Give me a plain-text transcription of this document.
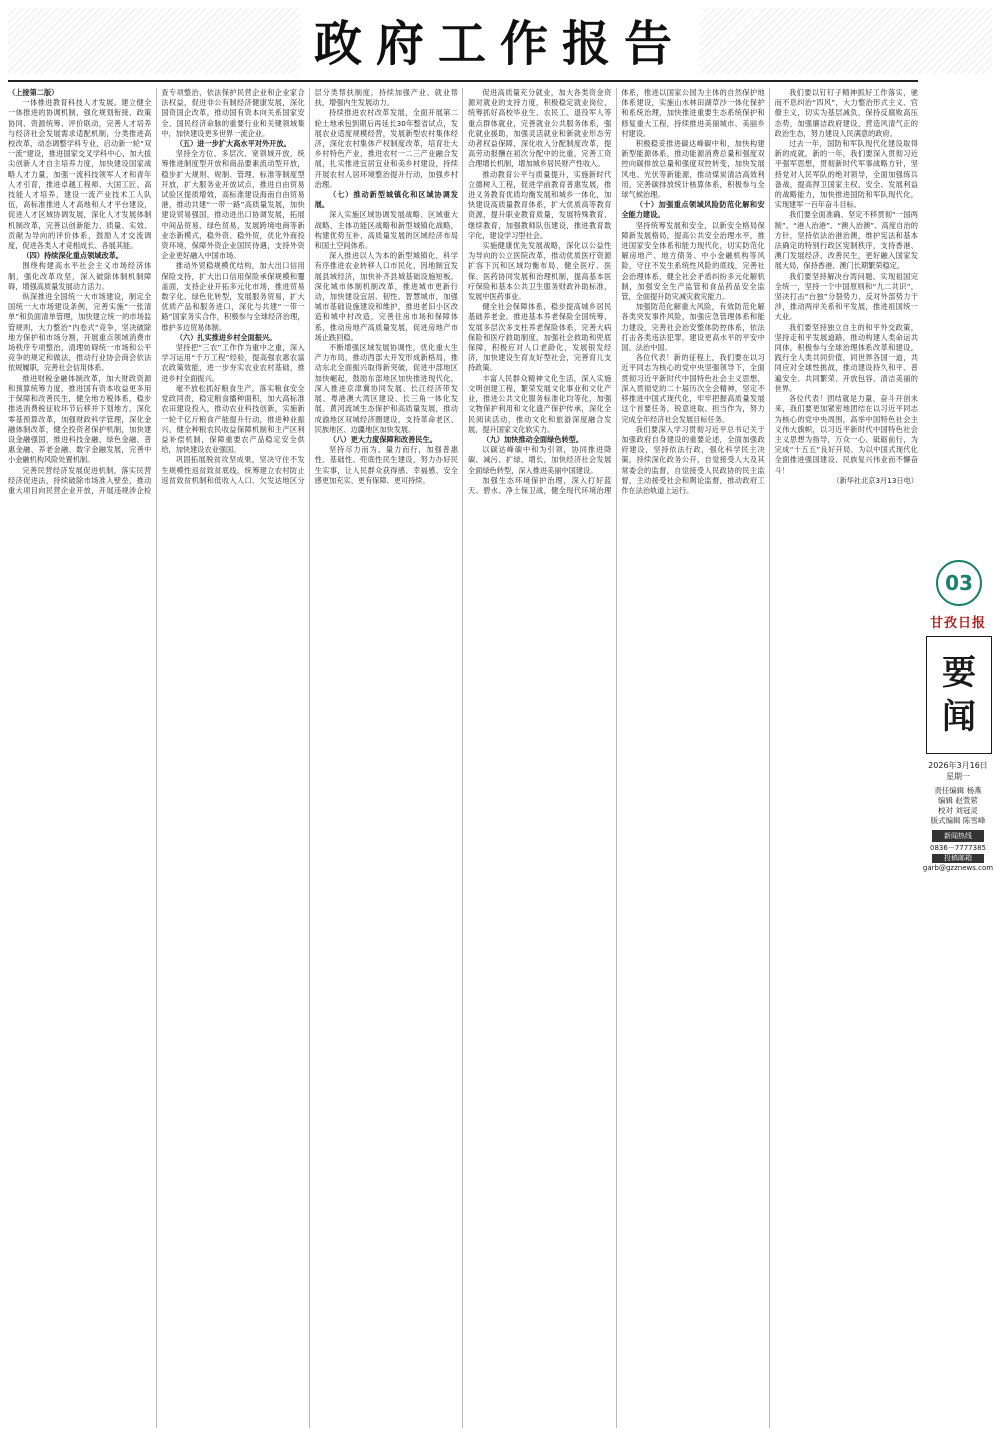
政府工作报告

（上接第二版）

一体推进教育科技人才发展。建立健全一体推进的协调机制，强化规划衔接、政策协同、资源统筹、评价联动，完善人才培养与经济社会发展需求适配机制，分类推进高校改革，动态调整学科专业，启动新一轮“双一流”建设，推进国家交叉学科中心，加大拔尖创新人才自主培养力度，加快建设国家战略人才力量，加强一流科技领军人才和青年人才引育，推进卓越工程师、大国工匠、高技能人才培养，建设一流产业技术工人队伍，高标准推进人才高地和人才平台建设，促进人才区域协调发展，深化人才发展体制机制改革，完善以创新能力、质量、实效、贡献为导向的评价体系，鼓励人才交流调度，促进各类人才竞相成长、各展其能。

（四）持续深化重点领域改革。

围绕构建高水平社会主义市场经济体制，强化改革攻坚，深入破除体制机制障碍，增强高质量发展动力活力。

纵深推进全国统一大市场建设，制定全国统一大市场建设条例，完善实施“一张清单”和负面清单管理，加快建立统一的市场监管规则，大力整治“内卷式”竞争，坚决破除地方保护和市场分割，开展重点领域消费市场秩序专项整治，清理妨碍统一市场和公平竞争的规定和做法，推动行业协会商会依法依规履职，完善社会信用体系。

推进财税金融体制改革，加大财政资源和预算统筹力度，推进国有资本收益更多用于保障和改善民生，健全地方税体系，稳步推进消费税征收环节后移并下划地方，深化零基预算改革，加强财政科学管理，深化金融体制改革，健全投资者保护机制，加快建设金融强国，推进科技金融、绿色金融、普惠金融、养老金融、数字金融发展，完善中小金融机构风险处置机制。

完善民营经济发展促进机制，落实民营经济促进法，持续破除市场准入壁垒，推动重大项目向民营企业开放，开展违规涉企检查专项整治，依法保护民营企业和企业家合法权益，促进非公有制经济健康发展，深化国资国企改革，推动国有资本向关系国家安全、国民经济命脉的重要行业和关键领域集中，加快建设更多世界一流企业。

（五）进一步扩大高水平对外开放。

坚持全方位、多层次、宽领域开放，统筹推进制度型开放和商品要素流动型开放，稳步扩大规则、规制、管理、标准等制度型开放，扩大服务业开放试点，推进自由贸易试验区提质增效，高标准建设海南自由贸易港，推动共建“一带一路”高质量发展，加快建设贸易强国，推动进出口协调发展，拓展中间品贸易、绿色贸易，发展跨境电商等新业态新模式，稳外资、稳外贸，优化外商投资环境，保障外资企业国民待遇，支持外资企业更好融入中国市场。

推动外贸稳规模优结构，加大出口信用保险支持，扩大出口信用保险承保规模和覆盖面，支持企业开拓多元化市场，推进贸易数字化、绿色化转型，发展服务贸易，扩大优质产品和服务进口，深化与共建“一带一路”国家务实合作，积极参与全球经济治理，维护多边贸易体制。

（六）扎实推进乡村全面振兴。

坚持把“三农”工作作为重中之重，深入学习运用“千万工程”经验，提高强农惠农富农政策效能，进一步夯实农业农村基础，推进乡村全面振兴。

毫不放松抓好粮食生产，落实粮食安全党政同责，稳定粮食播种面积，加大高标准农田建设投入，推动农业科技创新，实施新一轮千亿斤粮食产能提升行动，推进种业振兴，健全种粮农民收益保障机制和主产区利益补偿机制，保障重要农产品稳定安全供给，加快建设农业强国。

巩固拓展脱贫攻坚成果，坚决守住不发生规模性返贫致贫底线，统筹建立农村防止返贫致贫机制和低收入人口、欠发达地区分层分类帮扶制度，持续加强产业、就业帮扶，增强内生发展动力。

持续推进农村改革发展，全面开展第二轮土地承包到期后再延长30年整省试点，发展农业适度规模经营，发展新型农村集体经济，深化农村集体产权制度改革，培育壮大乡村特色产业，推进农村一二三产业融合发展，扎实推进宜居宜业和美乡村建设，持续开展农村人居环境整治提升行动，加强乡村治理。

（七）推动新型城镇化和区域协调发展。

深入实施区域协调发展战略、区域重大战略、主体功能区战略和新型城镇化战略，构建优势互补、高质量发展的区域经济布局和国土空间体系。

深入推进以人为本的新型城镇化，科学有序推进农业转移人口市民化，因地制宜发展县域经济，加快补齐县城基础设施短板，深化城市体制机制改革，推进城市更新行动，加快建设宜居、韧性、智慧城市，加强城市基础设施建设和维护，推进老旧小区改造和城中村改造，完善住房市场和保障体系，推动房地产高质量发展，促进房地产市场止跌回稳。

不断增强区域发展协调性，优化重大生产力布局，推动西部大开发形成新格局，推动东北全面振兴取得新突破，促进中部地区加快崛起，鼓励东部地区加快推进现代化，深入推进京津冀协同发展、长江经济带发展、粤港澳大湾区建设、长三角一体化发展、黄河流域生态保护和高质量发展，推动成渝地区双城经济圈建设，支持革命老区、民族地区、边疆地区加快发展。

（八）更大力度保障和改善民生。

坚持尽力而为、量力而行，加强普惠性、基础性、兜底性民生建设，努力办好民生实事，让人民群众获得感、幸福感、安全感更加充实、更有保障、更可持续。

促进高质量充分就业，加大各类资金资源对就业的支持力度，积极稳定就业岗位，统筹抓好高校毕业生、农民工、退役军人等重点群体就业，完善就业公共服务体系，强化就业援助，加强灵活就业和新就业形态劳动者权益保障，深化收入分配制度改革，提高劳动报酬在初次分配中的比重，完善工资合理增长机制，增加城乡居民财产性收入。

推动教育公平与质量提升，实施新时代立德树人工程，促进学前教育普惠发展，推进义务教育优质均衡发展和城乡一体化，加快建设高质量教育体系，扩大优质高等教育资源，提升职业教育质量，发展特殊教育、继续教育，加强教师队伍建设，推进教育数字化，建设学习型社会。

实施健康优先发展战略，深化以公益性为导向的公立医院改革，推动优质医疗资源扩容下沉和区域均衡布局，健全医疗、医保、医药协同发展和治理机制，提高基本医疗保险和基本公共卫生服务财政补助标准，发展中医药事业。

健全社会保障体系，稳步提高城乡居民基础养老金，推进基本养老保险全国统筹，发展多层次多支柱养老保险体系，完善大病保险和医疗救助制度，加强社会救助和兜底保障，积极应对人口老龄化，发展银发经济，加快建设生育友好型社会，完善育儿支持政策。

丰富人民群众精神文化生活，深入实施文明创建工程，繁荣发展文化事业和文化产业，推进公共文化服务标准化均等化，加强文物保护利用和文化遗产保护传承，深化全民阅读活动，推动文化和旅游深度融合发展，提升国家文化软实力。

（九）加快推动全面绿色转型。

以碳达峰碳中和为引领，协同推进降碳、减污、扩绿、增长，加快经济社会发展全面绿色转型，深入推进美丽中国建设。

加强生态环境保护治理，深入打好蓝天、碧水、净土保卫战，健全现代环境治理体系，推进以国家公园为主体的自然保护地体系建设，实施山水林田湖草沙一体化保护和系统治理，加快推进重要生态系统保护和修复重大工程，持续推进美丽城市、美丽乡村建设。

积极稳妥推进碳达峰碳中和，加快构建新型能源体系，推动能源消费总量和强度双控向碳排放总量和强度双控转变，加快发展风电、光伏等新能源，推动煤炭清洁高效利用，完善碳排放统计核算体系，积极参与全球气候治理。

（十）加强重点领域风险防范化解和安全能力建设。

坚持统筹发展和安全，以新安全格局保障新发展格局，提高公共安全治理水平，推进国家安全体系和能力现代化，切实防范化解房地产、地方债务、中小金融机构等风险，守住不发生系统性风险的底线，完善社会治理体系，健全社会矛盾纠纷多元化解机制，加强安全生产监管和食品药品安全监管，全面提升防灾减灾救灾能力。

加强防范化解重大风险，有效防范化解各类突发事件风险，加强应急管理体系和能力建设，完善社会治安整体防控体系，依法打击各类违法犯罪，建设更高水平的平安中国、法治中国。

各位代表！新的征程上，我们要在以习近平同志为核心的党中央坚强领导下，全面贯彻习近平新时代中国特色社会主义思想，深入贯彻党的二十届历次全会精神，坚定不移推进中国式现代化，牢牢把握高质量发展这个首要任务，锐意进取、担当作为，努力完成全年经济社会发展目标任务。

我们要深入学习贯彻习近平总书记关于加强政府自身建设的重要论述，全面加强政府建设，坚持依法行政，强化科学民主决策，持续深化政务公开，自觉接受人大及其常委会的监督，自觉接受人民政协的民主监督，主动接受社会和舆论监督，推动政府工作在法治轨道上运行。

我们要以钉钉子精神抓好工作落实，驰而不息纠治“四风”，大力整治形式主义、官僚主义，切实为基层减负，保持反腐败高压态势，加强廉洁政府建设，营造风清气正的政治生态，努力建设人民满意的政府。

过去一年，国防和军队现代化建设取得新的成就，新的一年，我们要深入贯彻习近平强军思想，贯彻新时代军事战略方针，坚持党对人民军队的绝对领导，全面加强练兵备战，提高捍卫国家主权、安全、发展利益的战略能力，加快推进国防和军队现代化，实现建军一百年奋斗目标。

我们要全面准确、坚定不移贯彻“一国两制”、“港人治港”、“澳人治澳”、高度自治的方针，坚持依法治港治澳，维护宪法和基本法确定的特别行政区宪制秩序，支持香港、澳门发展经济、改善民生，更好融入国家发展大局，保持香港、澳门长期繁荣稳定。

我们要坚持解决台湾问题、实现祖国完全统一，坚持一个中国原则和“九二共识”，坚决打击“台独”分裂势力，反对外部势力干涉，推动两岸关系和平发展，推进祖国统一大业。

我们要坚持独立自主的和平外交政策，坚持走和平发展道路，推动构建人类命运共同体，积极参与全球治理体系改革和建设，践行全人类共同价值，同世界各国一道，共同应对全球性挑战，推动建设持久和平、普遍安全、共同繁荣、开放包容、清洁美丽的世界。

各位代表！团结就是力量，奋斗开创未来，我们要更加紧密地团结在以习近平同志为核心的党中央周围，高举中国特色社会主义伟大旗帜，以习近平新时代中国特色社会主义思想为指导，万众一心、砥砺前行，为完成“十五五”良好开局、为以中国式现代化全面推进强国建设、民族复兴伟业而不懈奋斗！

（新华社北京3月13日电）

03
甘孜日报
要
闻
2026年3月16日
星期一
责任编辑 杨燕
编辑 赵萱萦
校对 刘冠灵
版式编辑 陈雪峰
新闻热线
0836－7777385
投稿邮箱
garb@gzznews.com
